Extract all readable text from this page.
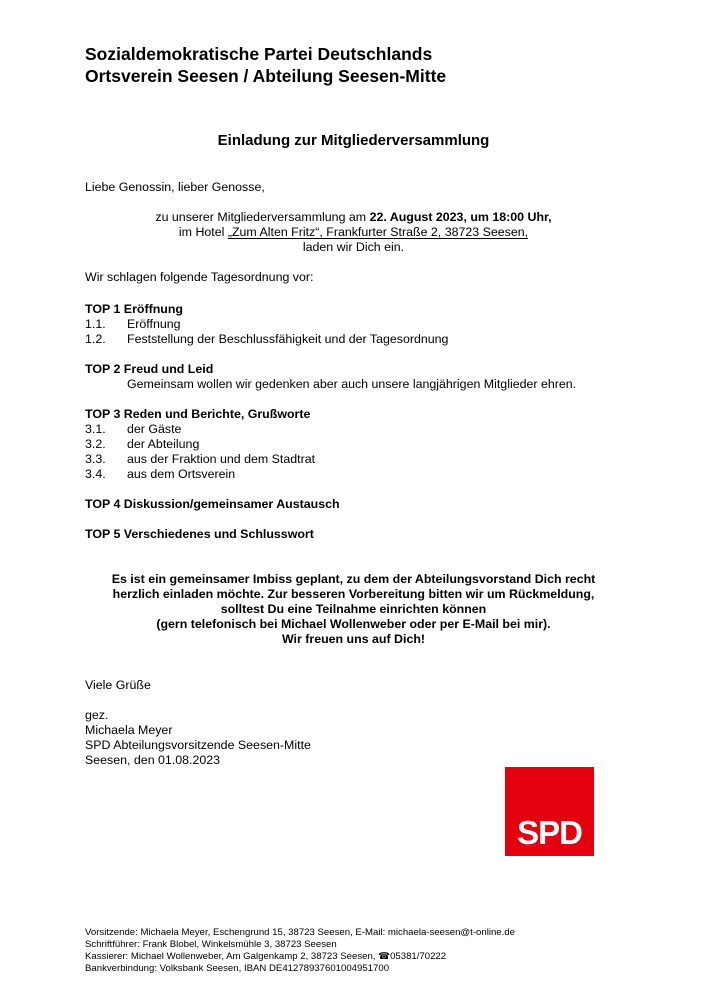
Sozialdemokratische Partei Deutschlands
Ortsverein Seesen / Abteilung Seesen-Mitte
Einladung zur Mitgliederversammlung
Liebe Genossin, lieber Genosse,
zu unserer Mitgliederversammlung am 22. August 2023, um 18:00 Uhr,
im Hotel „Zum Alten Fritz“, Frankfurter Straße 2, 38723 Seesen,
laden wir Dich ein.
Wir schlagen folgende Tagesordnung vor:
TOP 1 Eröffnung
1.1. Eröffnung
1.2. Feststellung der Beschlussfähigkeit und der Tagesordnung
TOP 2 Freud und Leid
Gemeinsam wollen wir gedenken aber auch unsere langjährigen Mitglieder ehren.
TOP 3 Reden und Berichte, Grußworte
3.1. der Gäste
3.2. der Abteilung
3.3. aus der Fraktion und dem Stadtrat
3.4. aus dem Ortsverein
TOP 4 Diskussion/gemeinsamer Austausch
TOP 5 Verschiedenes und Schlusswort
Es ist ein gemeinsamer Imbiss geplant, zu dem der Abteilungsvorstand Dich recht
herzlich einladen möchte. Zur besseren Vorbereitung bitten wir um Rückmeldung,
solltest Du eine Teilnahme einrichten können
(gern telefonisch bei Michael Wollenweber oder per E-Mail bei mir).
Wir freuen uns auf Dich!
Viele Grüße
gez.
Michaela Meyer
SPD Abteilungsvorsitzende Seesen-Mitte
Seesen, den 01.08.2023
SPD
Vorsitzende: Michaela Meyer, Eschengrund 15, 38723 Seesen, E-Mail: michaela-seesen@t-online.de
Schriftführer: Frank Blobel, Winkelsmühle 3, 38723 Seesen
Kassierer: Michael Wollenweber, Am Galgenkamp 2, 38723 Seesen, ☎05381/70222
Bankverbindung: Volksbank Seesen, IBAN DE41278937601004951700
